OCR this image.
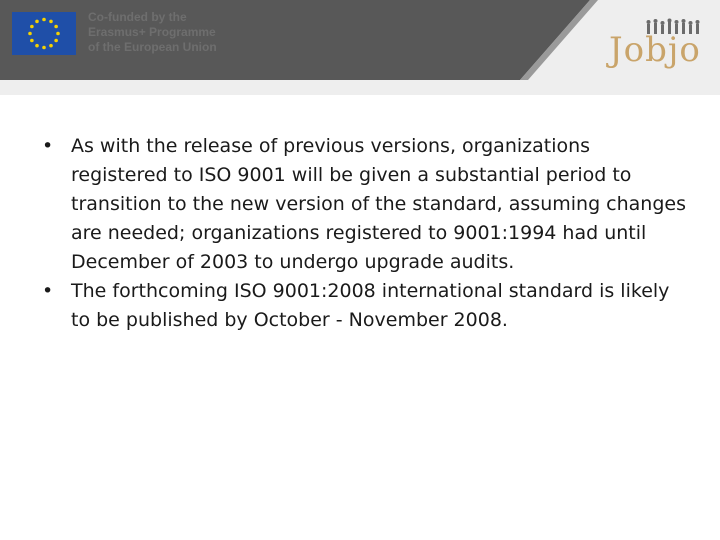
Co-funded by the
Erasmus+ Programme
of the European Union	Jobjo
• As with the release of previous versions, organizations registered to ISO 9001 will be given a substantial period to transition to the new version of the standard, assuming changes are needed; organizations registered to 9001:1994 had until December of 2003 to undergo upgrade audits.
• The forthcoming ISO 9001:2008 international standard is likely to be published by October - November 2008.
